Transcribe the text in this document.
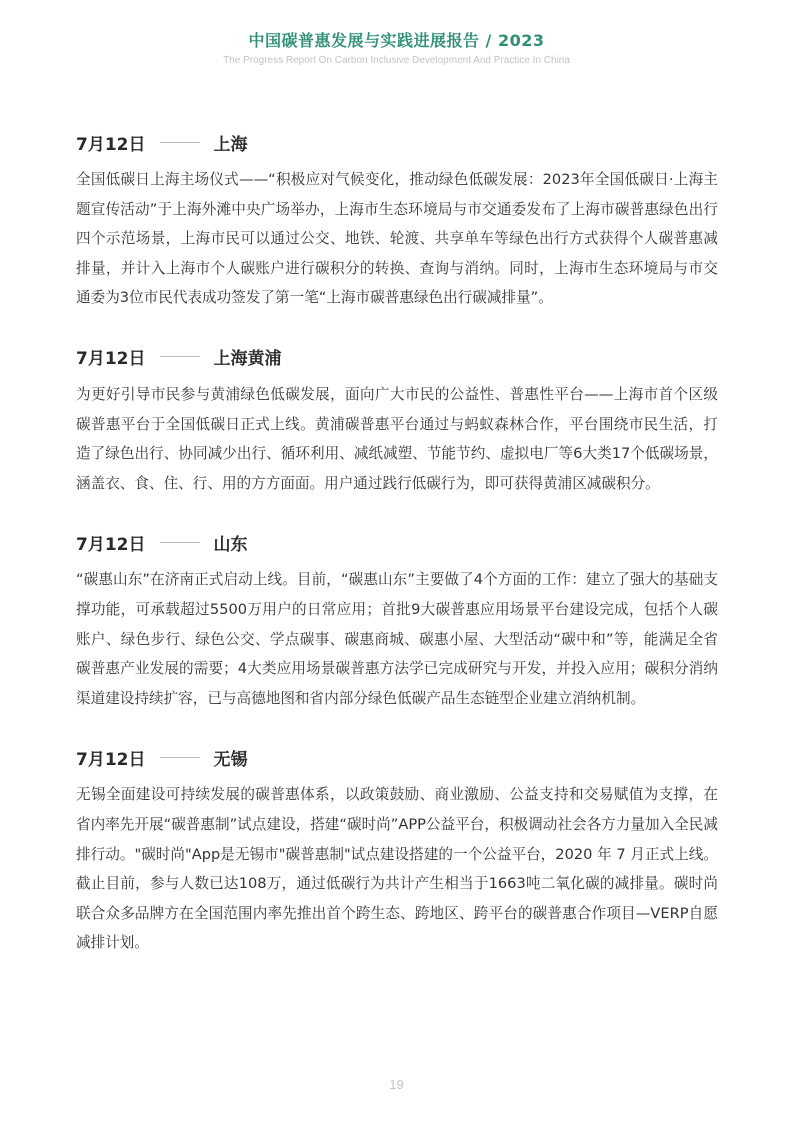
中国碳普惠发展与实践进展报告 / 2023
The Progress Report On Carbon Inclusive Development And Practice In China
7月12日	上海

全国低碳日上海主场仪式——“积极应对气候变化，推动绿色低碳发展：2023年全国低碳日·上海主题宣传活动”于上海外滩中央广场举办，上海市生态环境局与市交通委发布了上海市碳普惠绿色出行四个示范场景，上海市民可以通过公交、地铁、轮渡、共享单车等绿色出行方式获得个人碳普惠减排量，并计入上海市个人碳账户进行碳积分的转换、查询与消纳。同时，上海市生态环境局与市交通委为3位市民代表成功签发了第一笔“上海市碳普惠绿色出行碳减排量”。

7月12日	上海黄浦

为更好引导市民参与黄浦绿色低碳发展，面向广大市民的公益性、普惠性平台——上海市首个区级碳普惠平台于全国低碳日正式上线。黄浦碳普惠平台通过与蚂蚁森林合作，平台围绕市民生活，打造了绿色出行、协同减少出行、循环利用、减纸减塑、节能节约、虚拟电厂等6大类17个低碳场景，涵盖衣、食、住、行、用的方方面面。用户通过践行低碳行为，即可获得黄浦区减碳积分。

7月12日	山东

“碳惠山东”在济南正式启动上线。目前，“碳惠山东”主要做了4个方面的工作：建立了强大的基础支撑功能，可承载超过5500万用户的日常应用；首批9大碳普惠应用场景平台建设完成，包括个人碳账户、绿色步行、绿色公交、学点碳事、碳惠商城、碳惠小屋、大型活动“碳中和”等，能满足全省碳普惠产业发展的需要；4大类应用场景碳普惠方法学已完成研究与开发，并投入应用；碳积分消纳渠道建设持续扩容，已与高德地图和省内部分绿色低碳产品生态链型企业建立消纳机制。

7月12日	无锡

无锡全面建设可持续发展的碳普惠体系，以政策鼓励、商业激励、公益支持和交易赋值为支撑，在省内率先开展“碳普惠制”试点建设，搭建“碳时尚”APP公益平台，积极调动社会各方力量加入全民减排行动。"碳时尚"App是无锡市"碳普惠制"试点建设搭建的一个公益平台，2020 年 7 月正式上线。截止目前，参与人数已达108万，通过低碳行为共计产生相当于1663吨二氧化碳的减排量。碳时尚联合众多品牌方在全国范围内率先推出首个跨生态、跨地区、跨平台的碳普惠合作项目—VERP自愿减排计划。

19
